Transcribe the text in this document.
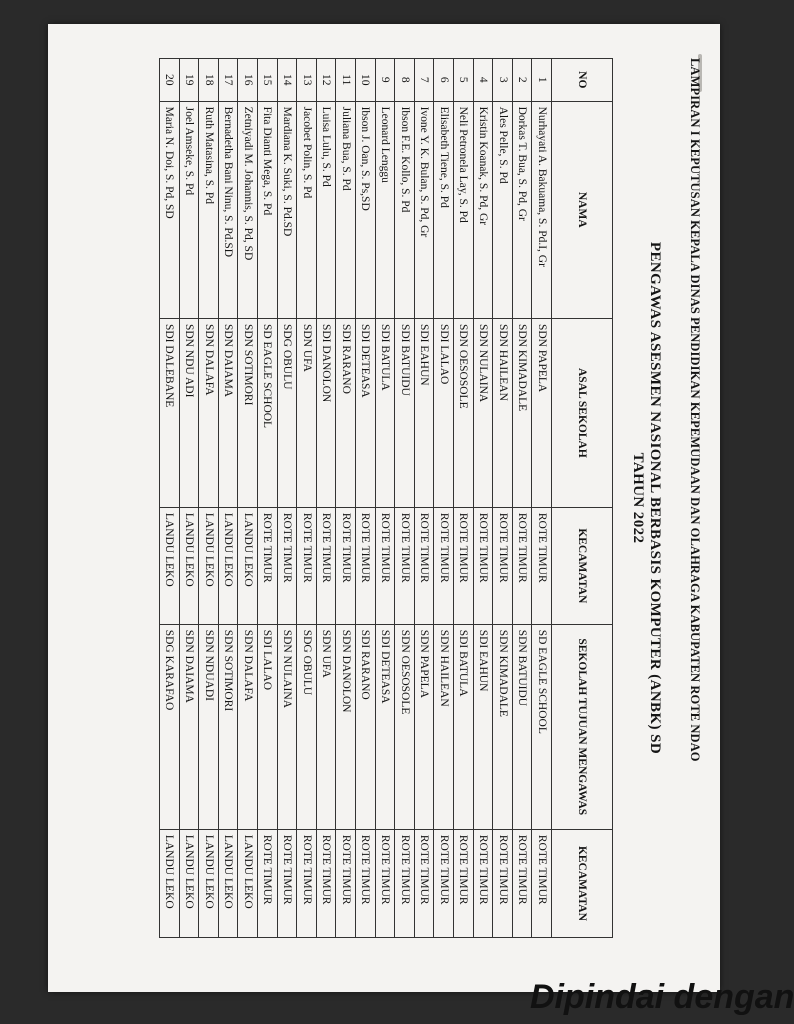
LAMPIRAN I KEPUTUSAN KEPALA DINAS PENDIDIKAN KEPEMUDAAN DAN OLAHRAGA KABUPATEN ROTE NDAO
PENGAWAS ASESMEN NASIONAL BERBASIS KOMPUTER (ANBK) SD
TAHUN 2022
NO	NAMA	ASAL SEKOLAH	KECAMATAN	SEKOLAH TUJUAN MENGAWAS	KECAMATAN
1	Nurhayati A. Bakuama, S. Pd.I, Gr	SDN PAPELA	ROTE TIMUR	SD EAGLE SCHOOL	ROTE TIMUR
2	Dorkas T. Bua, S. Pd, Gr	SDN KIMADALE	ROTE TIMUR	SDN BATUIDU	ROTE TIMUR
3	Ales Pelle, S. Pd	SDN HAILEAN	ROTE TIMUR	SDN KIMADALE	ROTE TIMUR
4	Kristin Koanak, S. Pd, Gr	SDN NULAINA	ROTE TIMUR	SDI EAHUN	ROTE TIMUR
5	Neli Petronela Lay, S. Pd	SDN OESOSOLE	ROTE TIMUR	SDI BATULA	ROTE TIMUR
6	Elisabeth Tiene, S. Pd	SDI LALAO	ROTE TIMUR	SDN HAILEAN	ROTE TIMUR
7	Ivone Y. K. Bulan, S. Pd, Gr	SDI EAHUN	ROTE TIMUR	SDN PAPELA	ROTE TIMUR
8	Ibson F.E. Kollo, S. Pd	SDI BATUIDU	ROTE TIMUR	SDN OESOSOLE	ROTE TIMUR
9	Leonard Lenggu	SDI BATULA	ROTE TIMUR	SDI DETEASA	ROTE TIMUR
10	Ibson J. Oan, S. Ps,SD	SDI DETEASA	ROTE TIMUR	SDI RARANO	ROTE TIMUR
11	Juliana Bua, S. Pd	SDI RARANO	ROTE TIMUR	SDN DANOLON	ROTE TIMUR
12	Luisa Lulu, S. Pd	SDI DANOLON	ROTE TIMUR	SDN UFA	ROTE TIMUR
13	Jacobet Polin, S. Pd	SDN UFA	ROTE TIMUR	SDG OBULU	ROTE TIMUR
14	Mardiana K. Suki, S. Pd.SD	SDG OBULU	ROTE TIMUR	SDN NULAINA	ROTE TIMUR
15	Fita Dianti Mega, S. Pd	SD EAGLE SCHOOL	ROTE TIMUR	SDI LALAO	ROTE TIMUR
16	Zetniyadi M. Johannis, S. Pd, SD	SDN SOTIMORI	LANDU LEKO	SDN DALAFA	LANDU LEKO
17	Bernadetha Bani Ninu, S. Pd.SD	SDN DAIAMA	LANDU LEKO	SDN SOTIMORI	LANDU LEKO
18	Ruth Matasina, S. Pd	SDN DALAFA	LANDU LEKO	SDN NDUADI	LANDU LEKO
19	Joel Amseke, S. Pd	SDN NDU ADI	LANDU LEKO	SDN DAIAMA	LANDU LEKO
20	Maria N. Doi, S. Pd, SD	SDI DALEBANE	LANDU LEKO	SDG KARAFAO	LANDU LEKO
Dipindai dengan
